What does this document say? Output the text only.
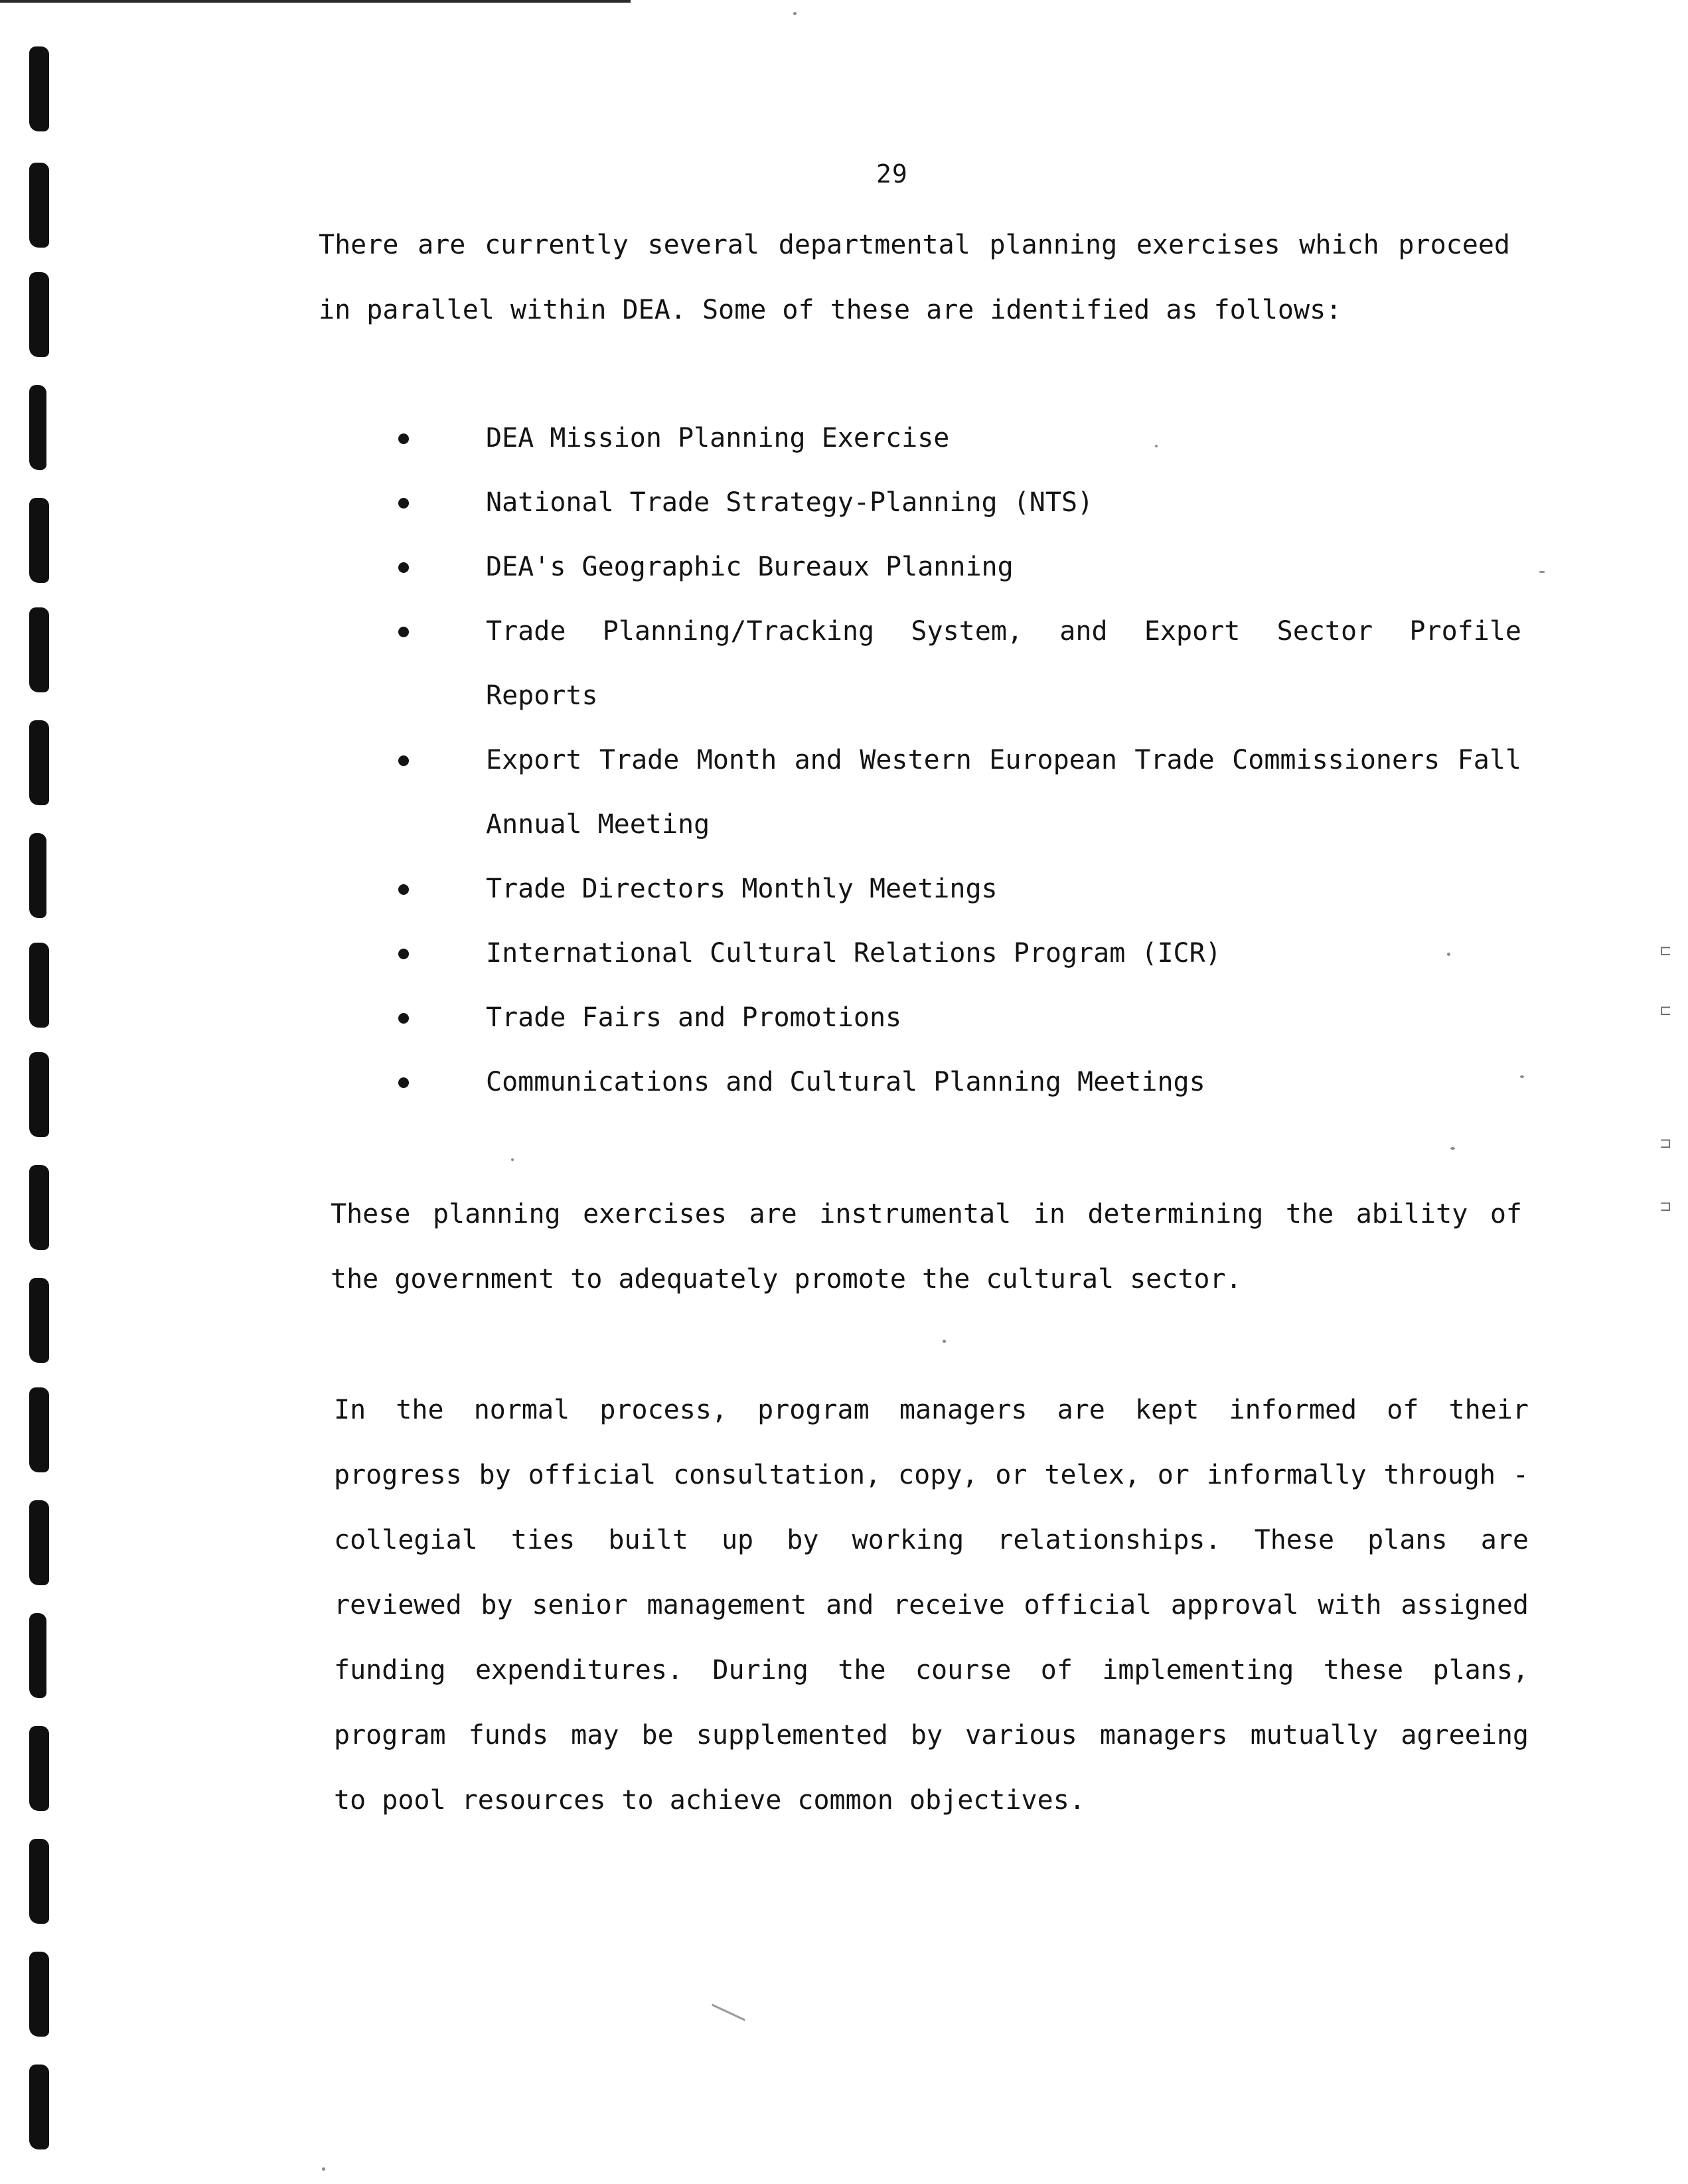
29

There are currently several departmental planning exercises which proceed
in parallel within DEA. Some of these are identified as follows:

DEA Mission Planning Exercise
National Trade Strategy-Planning (NTS)
DEA's Geographic Bureaux Planning
Trade Planning/Tracking System, and Export Sector Profile Reports
Export Trade Month and Western European Trade Commissioners Fall Annual Meeting
Trade Directors Monthly Meetings
International Cultural Relations Program (ICR)
Trade Fairs and Promotions
Communications and Cultural Planning Meetings

These planning exercises are instrumental in determining the ability of
the government to adequately promote the cultural sector.

In the normal process, program managers are kept informed of their
progress by official consultation, copy, or telex, or informally through -
collegial ties built up by working relationships. These plans are
reviewed by senior management and receive official approval with assigned
funding expenditures. During the course of implementing these plans,
program funds may be supplemented by various managers mutually agreeing
to pool resources to achieve common objectives.

⊏
⊏
⊐
⊐
